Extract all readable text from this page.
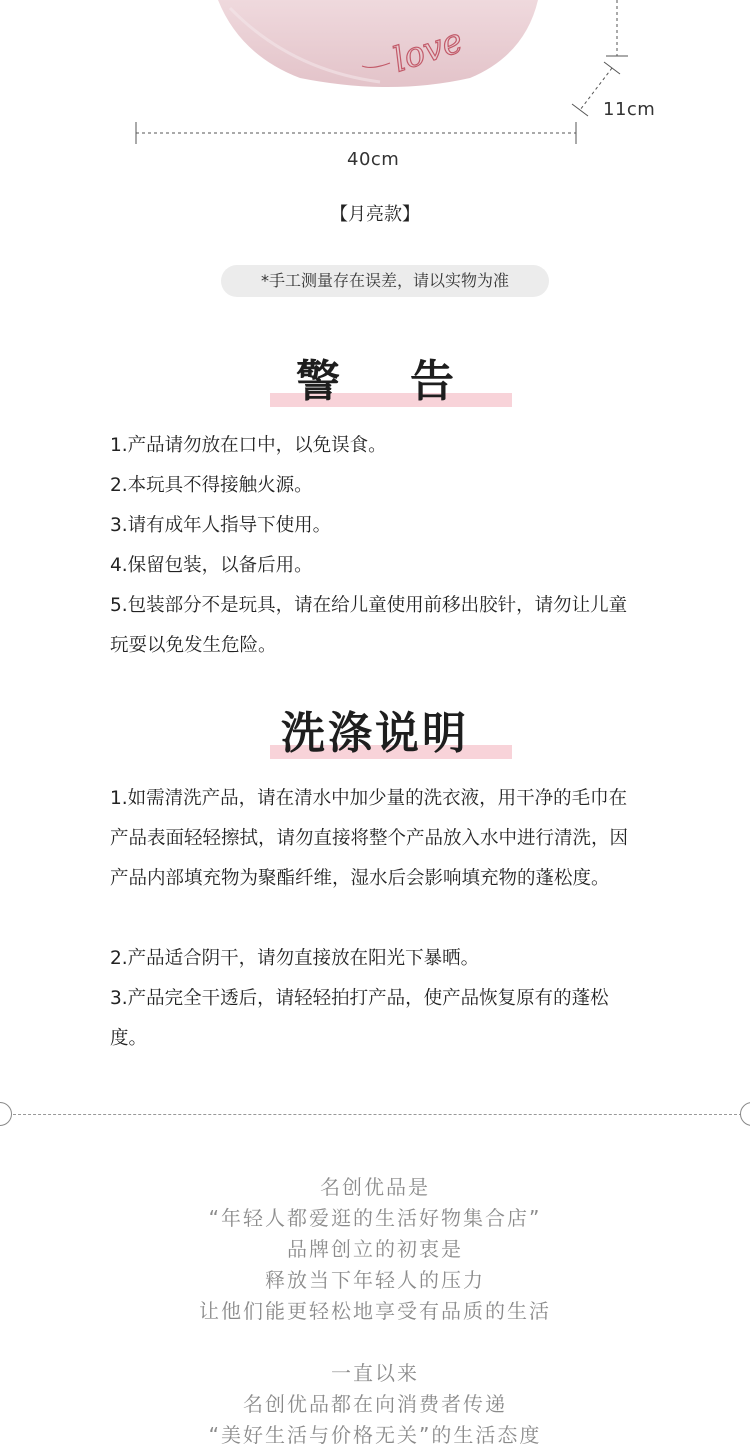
love
11cm
40cm
【月亮款】
*手工测量存在误差，请以实物为准
警告

1.产品请勿放在口中，以免误食。

2.本玩具不得接触火源。

3.请有成年人指导下使用。

4.保留包装，以备后用。

5.包装部分不是玩具，请在给儿童使用前移出胶针，请勿让儿童玩耍以免发生危险。

洗涤说明

1.如需清洗产品，请在清水中加少量的洗衣液，用干净的毛巾在产品表面轻轻擦拭，请勿直接将整个产品放入水中进行清洗，因产品内部填充物为聚酯纤维，湿水后会影响填充物的蓬松度。

2.产品适合阴干，请勿直接放在阳光下暴晒。

3.产品完全干透后，请轻轻拍打产品，使产品恢复原有的蓬松度。

名创优品是

“年轻人都爱逛的生活好物集合店”

品牌创立的初衷是

释放当下年轻人的压力

让他们能更轻松地享受有品质的生活

一直以来

名创优品都在向消费者传递

“美好生活与价格无关”的生活态度
